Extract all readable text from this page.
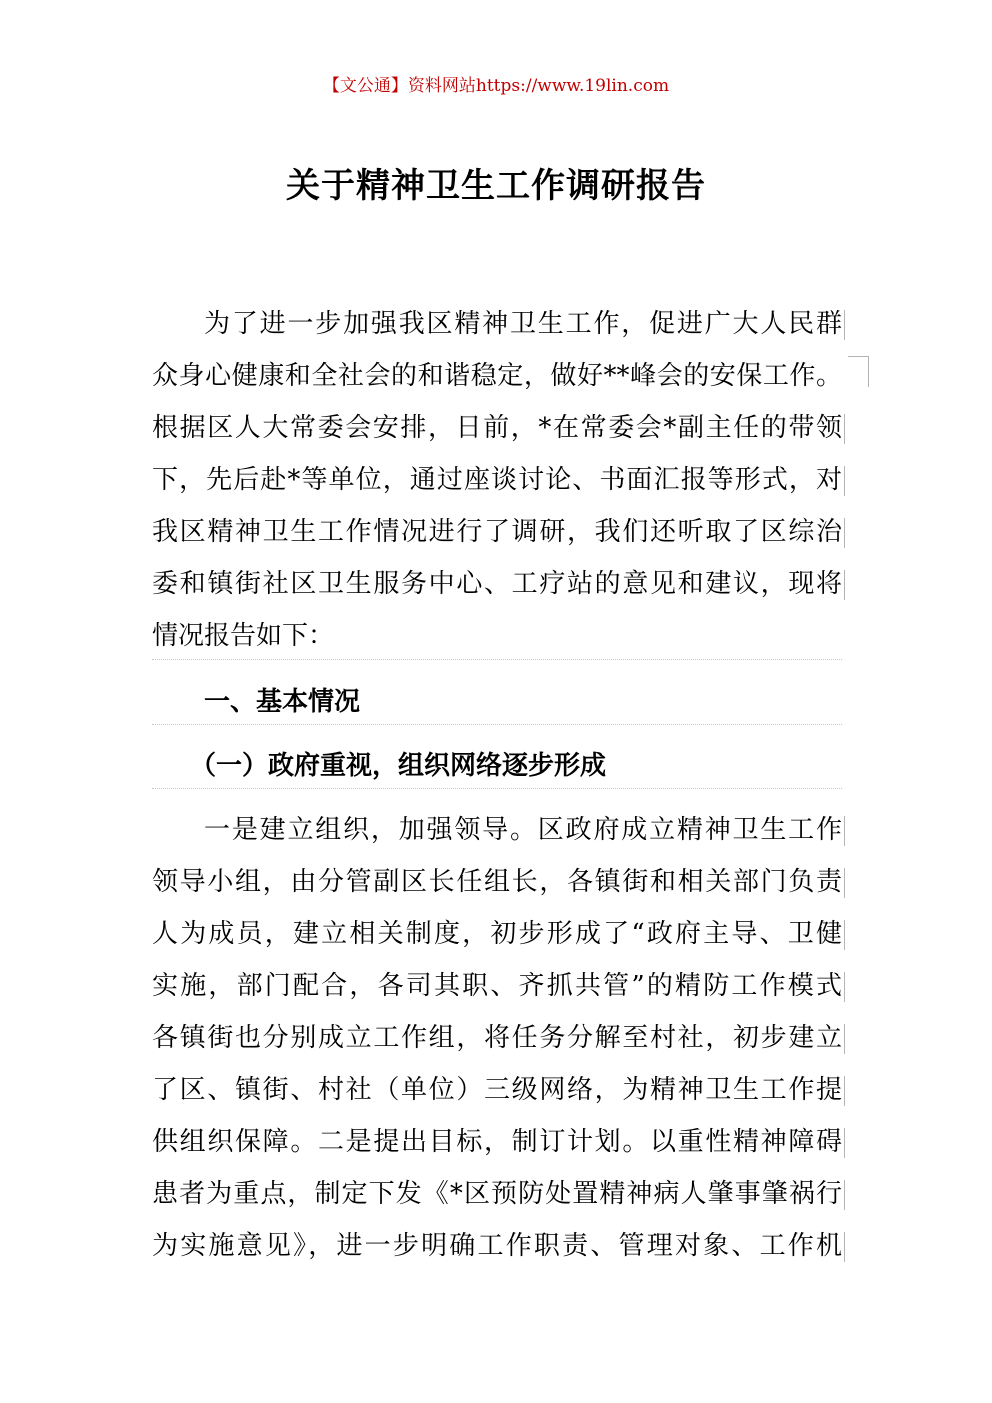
【文公通】资料网站https://www.19lin.com
关于精神卫生工作调研报告
为了进一步加强我区精神卫生工作，促进广大人民群
众身心健康和全社会的和谐稳定，做好**峰会的安保工作。
根据区人大常委会安排，日前，*在常委会*副主任的带领
下，先后赴*等单位，通过座谈讨论、书面汇报等形式，对
我区精神卫生工作情况进行了调研，我们还听取了区综治
委和镇街社区卫生服务中心、工疗站的意见和建议，现将
情况报告如下：
一、基本情况
（一）政府重视，组织网络逐步形成
一是建立组织，加强领导。区政府成立精神卫生工作
领导小组，由分管副区长任组长，各镇街和相关部门负责
人为成员，建立相关制度，初步形成了“政府主导、卫健
实施，部门配合，各司其职、齐抓共管”的精防工作模式
各镇街也分别成立工作组，将任务分解至村社，初步建立
了区、镇街、村社（单位）三级网络，为精神卫生工作提
供组织保障。二是提出目标，制订计划。以重性精神障碍
患者为重点，制定下发《*区预防处置精神病人肇事肇祸行
为实施意见》，进一步明确工作职责、管理对象、工作机
